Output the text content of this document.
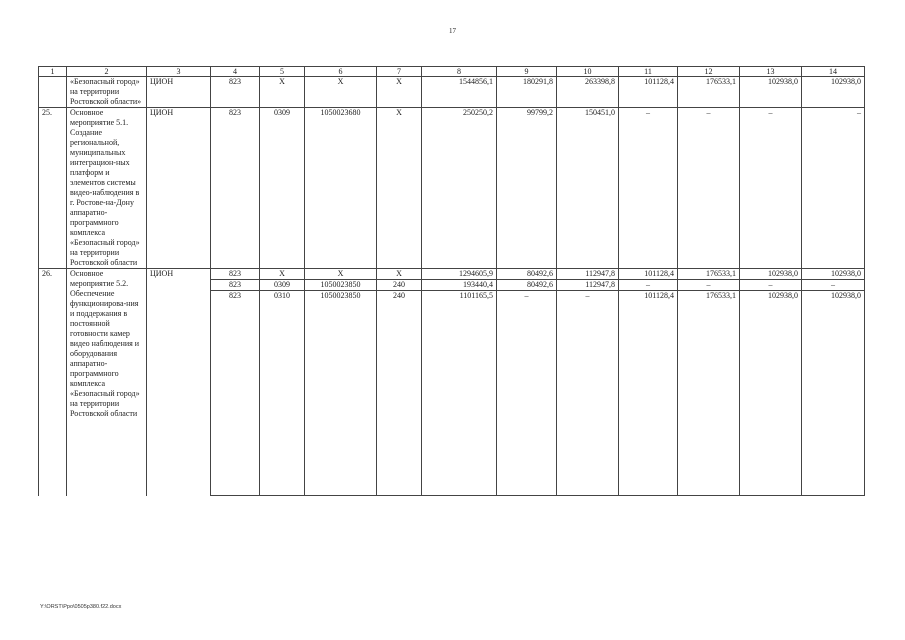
17
1	2	3	4	5	6	7	8	9	10	11	12	13	14
	«Безопасный город» на территории Ростовской области»	ЦИОН	823	Х	Х	Х	1544856,1	180291,8	263398,8	101128,4	176533,1	102938,0	102938,0
25.	Основное мероприятие 5.1. Создание региональной, муниципальных интеграцион-ных платформ и элементов системы видео-наблюдения в г. Ростове-на-Дону аппаратно-программного комплекса «Безопасный город» на территории Ростовской области	ЦИОН	823	0309	1050023680	Х	250250,2	99799,2	150451,0	–	–	–	–
26.	Основное мероприятие 5.2. Обеспечение функционирова-ния и поддержания в постоянной готовности камер видео наблюдения и оборудования аппаратно-программного комплекса «Безопасный город» на территории Ростовской области	ЦИОН	823	Х	Х	Х	1294605,9	80492,6	112947,8	101128,4	176533,1	102938,0	102938,0
			823	0309	1050023850	240	193440,4	80492,6	112947,8	–	–	–	–
			823	0310	1050023850	240	1101165,5	–	–	101128,4	176533,1	102938,0	102938,0
Y:\ORST\Ppo\0505p380.f22.docx
